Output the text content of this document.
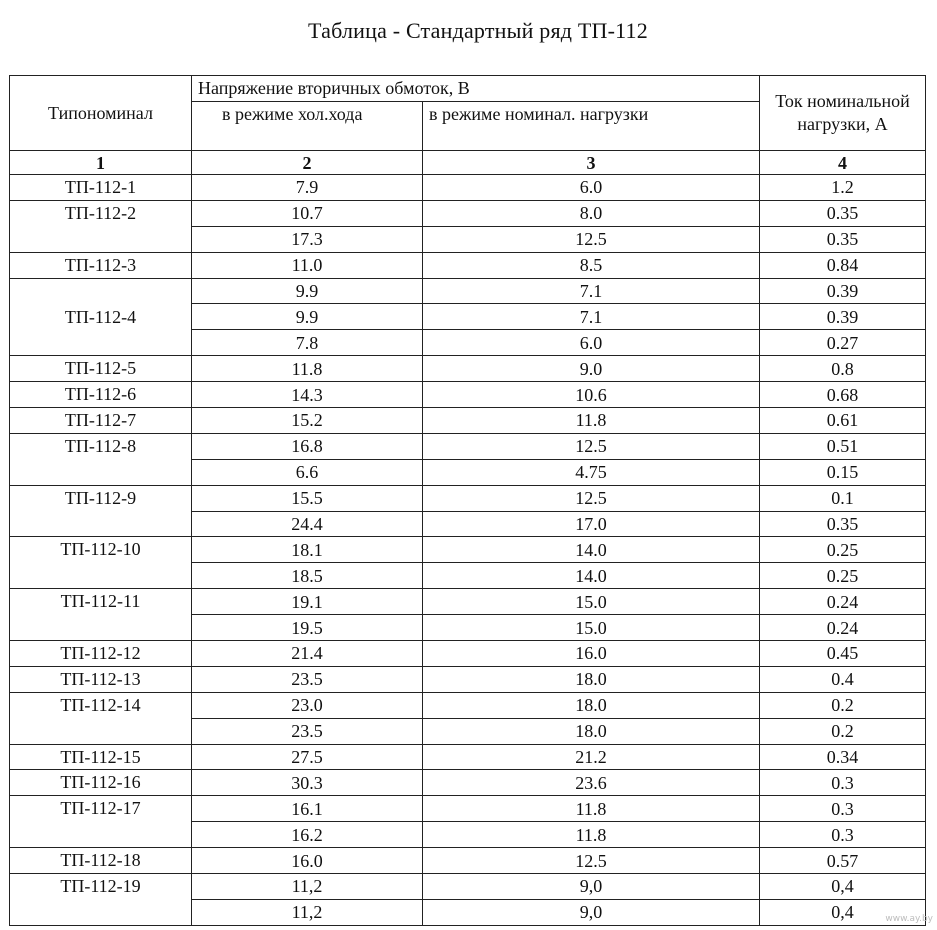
Таблица - Стандартный ряд ТП-112
Типономинал	Напряжение вторичных обмоток, В		Ток номинальной нагрузки, А
	в режиме хол.хода	в режиме номинал. нагрузки	
1	2	3	4
ТП-112-1	7.9	6.0	1.2
ТП-112-2	10.7	8.0	0.35
	17.3	12.5	0.35
ТП-112-3	11.0	8.5	0.84
ТП-112-4	9.9	7.1	0.39
	9.9	7.1	0.39
	7.8	6.0	0.27
ТП-112-5	11.8	9.0	0.8
ТП-112-6	14.3	10.6	0.68
ТП-112-7	15.2	11.8	0.61
ТП-112-8	16.8	12.5	0.51
	6.6	4.75	0.15
ТП-112-9	15.5	12.5	0.1
	24.4	17.0	0.35
ТП-112-10	18.1	14.0	0.25
	18.5	14.0	0.25
ТП-112-11	19.1	15.0	0.24
	19.5	15.0	0.24
ТП-112-12	21.4	16.0	0.45
ТП-112-13	23.5	18.0	0.4
ТП-112-14	23.0	18.0	0.2
	23.5	18.0	0.2
ТП-112-15	27.5	21.2	0.34
ТП-112-16	30.3	23.6	0.3
ТП-112-17	16.1	11.8	0.3
	16.2	11.8	0.3
ТП-112-18	16.0	12.5	0.57
ТП-112-19	11,2	9,0	0,4
	11,2	9,0	0,4	www.ay.by
